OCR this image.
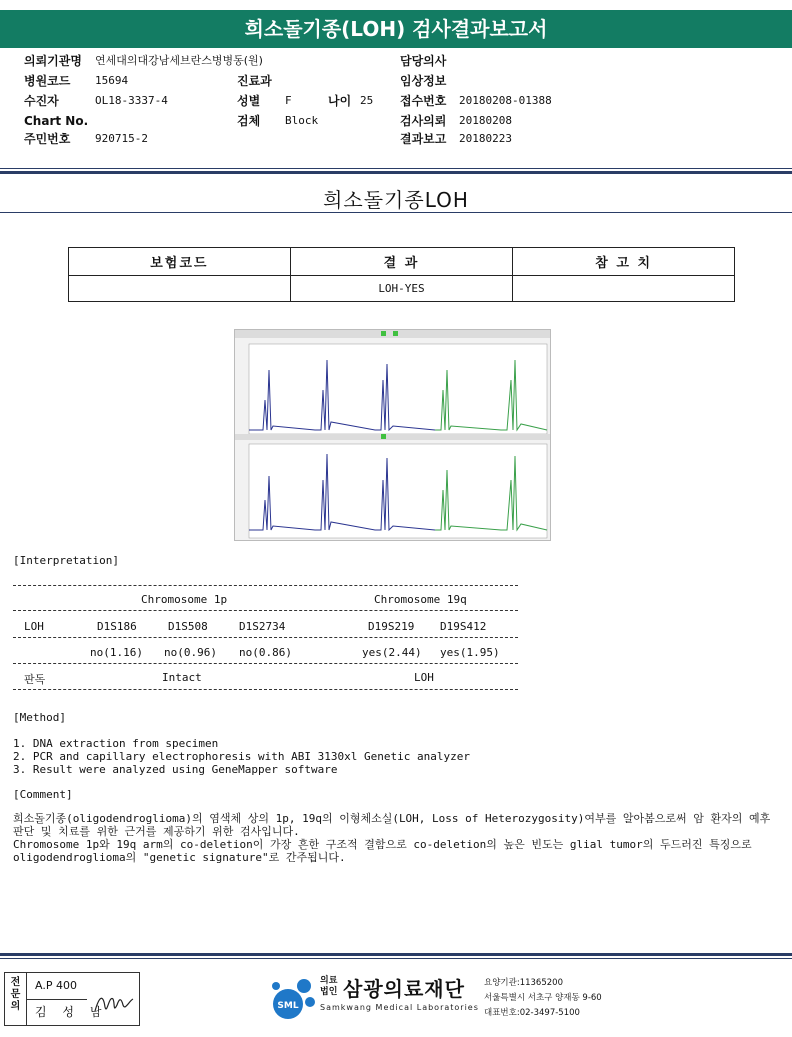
희소돌기종(LOH) 검사결과보고서
의뢰기관명 연세대의대강남세브란스병병동(원)	담당의사
병원코드 15694	진료과	임상정보
수진자	OL18-3337-4	성별 F	나이 25 접수번호 20180208-01388
Chart No.	검체 Block	검사의뢰 20180208
주민번호 920715-2	결과보고 20180223
희소돌기종LOH
보험코드	결 과	참 고 치
	LOH-YES	
[Interpretation]
Chromosome 1p	Chromosome 19q
LOH	D1S186	D1S508	D1S2734	D19S219 D19S412
no(1.16) no(0.96) no(0.86)	yes(2.44) yes(1.95)
판독	Intact	LOH
[Method]
1. DNA extraction from specimen
2. PCR and capillary electrophoresis with ABI 3130xl Genetic analyzer
3. Result were analyzed using GeneMapper software
[Comment]
희소돌기종(oligodendroglioma)의 염색체 상의 1p, 19q의 이형체소실(LOH, Loss of Heterozygosity)여부를 알아봄으로써 암 환자의 예후 판단 및 치료를 위한 근거를 제공하기 위한 검사입니다.
Chromosome 1p와 19q arm의 co-deletion이 가장 흔한 구조적 결함으로 co-deletion의 높은 빈도는 glial tumor의 두드러진 특징으로 oligodendroglioma의 "genetic signature"로 간주됩니다.
전
문
의
A.P 400
김 성 남	SML
의료
법인 삼광의료재단
Samkwang Medical Laboratories
요양기관:11365200
서울특별시 서초구 양재동 9-60
대표번호:02-3497-5100
